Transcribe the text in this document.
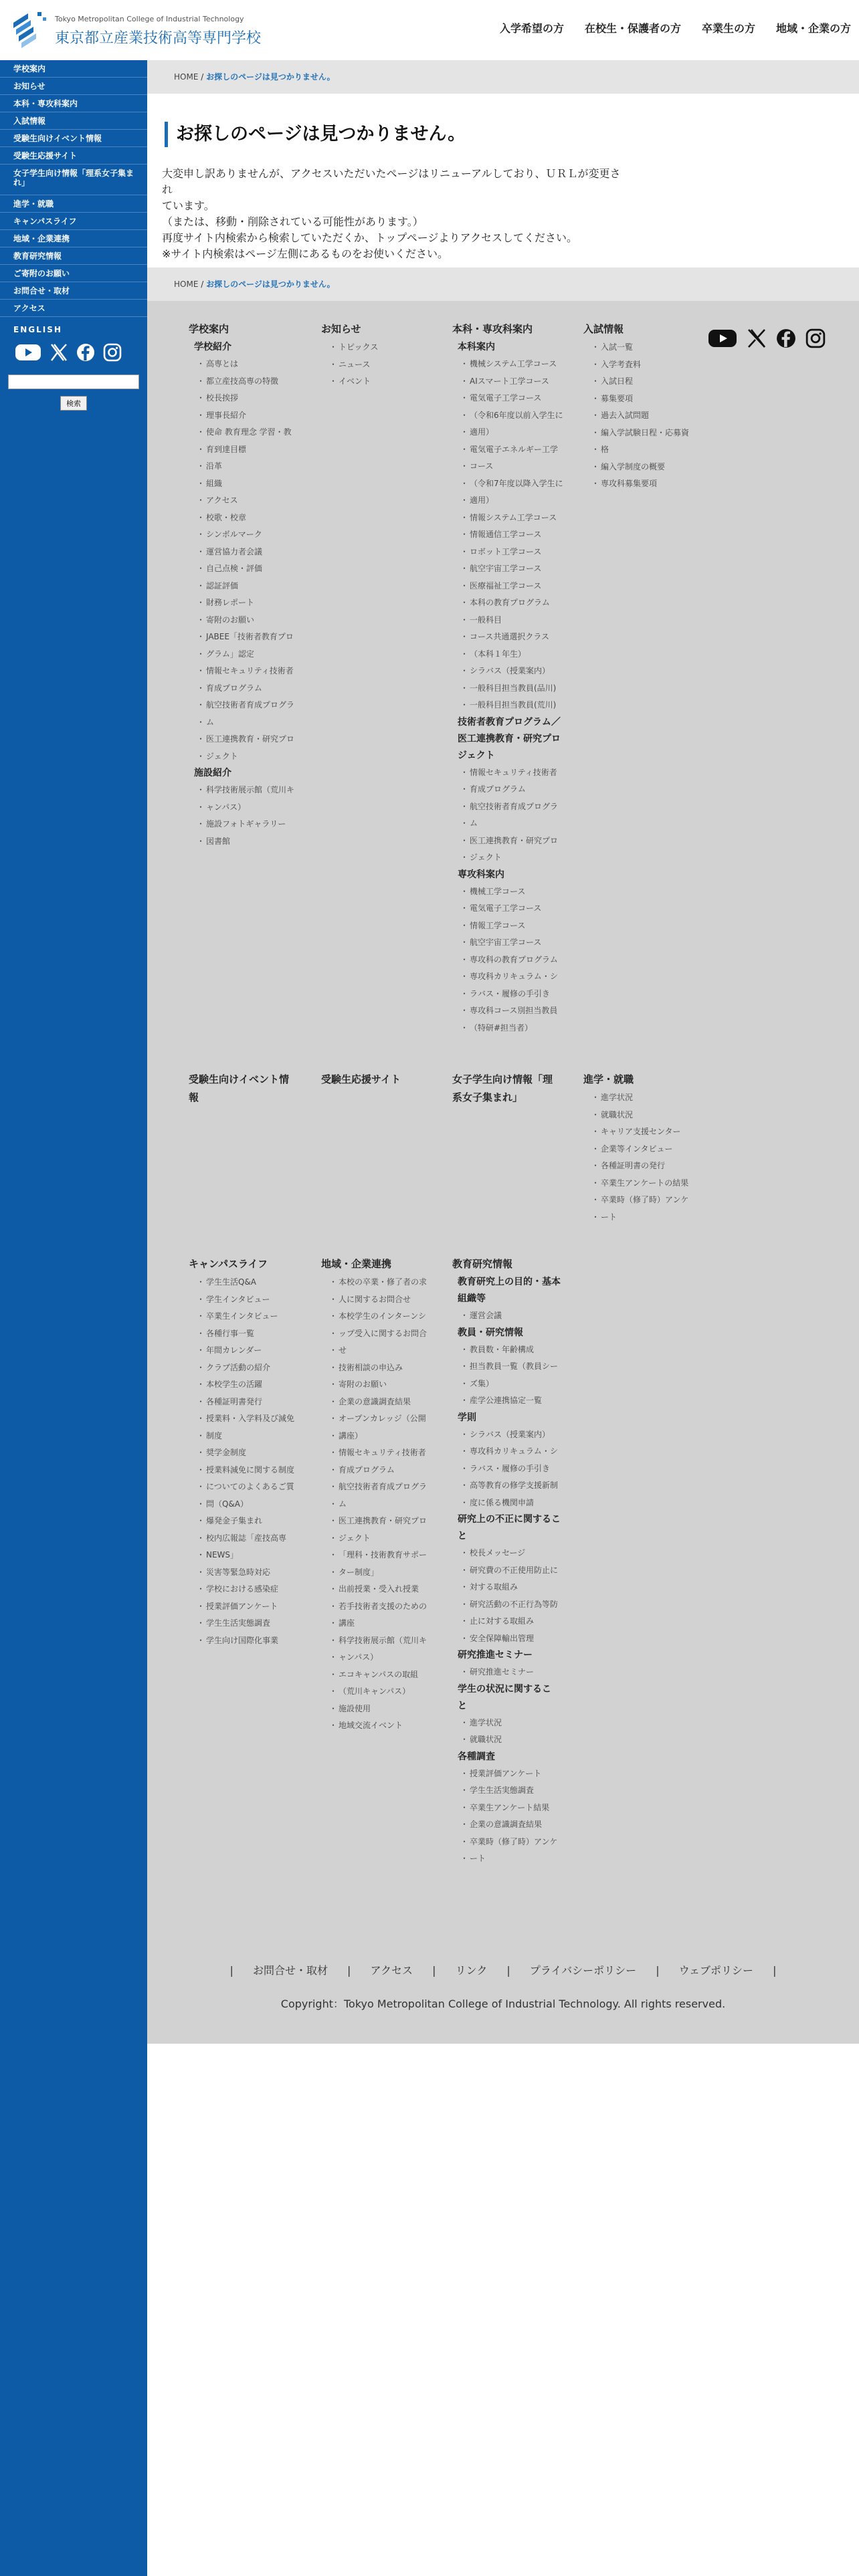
Tokyo Metropolitan College of Industrial Technology
東京都立産業技術高等専門学校
入学希望の方 在校生・保護者の方 卒業生の方 地域・企業の方
学校案内
お知らせ
本科・専攻科案内
入試情報
受験生向けイベント情報
受験生応援サイト
女子学生向け情報「理系女子集まれ」
進学・就職
キャンパスライフ
地域・企業連携
教育研究情報
ご寄附のお願い
お問合せ・取材
アクセス
ENGLISH
検索
HOME / お探しのページは見つかりません。
お探しのページは見つかりません。
大変申し訳ありませんが、アクセスいただいたページはリニューアルしており、ＵＲＬが変更され
ています。
（または、移動・削除されている可能性があります。）
再度サイト内検索から検索していただくか、トップページよりアクセスしてください。
※サイト内検索はページ左側にあるものをお使いください。
HOME / お探しのページは見つかりません。
学校案内
学校紹介
・ 高専とは
・ 都立産技高専の特徴
・ 校長挨拶
・ 理事長紹介
・ 使命 教育理念 学習・教
・ 育到達目標
・ 沿革
・ 組織
・ アクセス
・ 校歌・校章
・ シンボルマーク
・ 運営協力者会議
・ 自己点検・評価
・ 認証評価
・ 財務レポート
・ 寄附のお願い
・ JABEE「技術者教育プロ
・ グラム」認定
・ 情報セキュリティ技術者
・ 育成プログラム
・ 航空技術者育成プログラ
・ ム
・ 医工連携教育・研究プロ
・ ジェクト
施設紹介
・ 科学技術展示館（荒川キ
・ ャンパス）
・ 施設フォトギャラリー
・ 図書館
お知らせ
・ トピックス
・ ニュース
・ イベント
本科・専攻科案内
本科案内
・ 機械システム工学コース
・ AIスマート工学コース
・ 電気電子工学コース
・ （令和6年度以前入学生に
・ 適用）
・ 電気電子エネルギー工学
・ コース
・ （令和7年度以降入学生に
・ 適用）
・ 情報システム工学コース
・ 情報通信工学コース
・ ロボット工学コース
・ 航空宇宙工学コース
・ 医療福祉工学コース
・ 本科の教育プログラム
・ 一般科目
・ コース共通選択クラス
・ （本科１年生）
・ シラバス（授業案内）
・ 一般科目担当教員(品川)
・ 一般科目担当教員(荒川)
技術者教育プログラム／
医工連携教育・研究プロ
ジェクト
・ 情報セキュリティ技術者
・ 育成プログラム
・ 航空技術者育成プログラ
・ ム
・ 医工連携教育・研究プロ
・ ジェクト
専攻科案内
・ 機械工学コース
・ 電気電子工学コース
・ 情報工学コース
・ 航空宇宙工学コース
・ 専攻科の教育プログラム
・ 専攻科カリキュラム・シ
・ ラバス・履修の手引き
・ 専攻科コース別担当教員
・ （特研#担当者）
入試情報
・ 入試一覧
・ 入学考査料
・ 入試日程
・ 募集要項
・ 過去入試問題
・ 編入学試験日程・応募資
・ 格
・ 編入学制度の概要
・ 専攻科募集要項
受験生向けイベント情
報
受験生応援サイト	女子学生向け情報「理
系女子集まれ」
進学・就職
・ 進学状況
・ 就職状況
・ キャリア支援センター
・ 企業等インタビュー
・ 各種証明書の発行
・ 卒業生アンケートの結果
・ 卒業時（修了時）アンケ
・ ート
キャンパスライフ
・ 学生生活Q&A
・ 学生インタビュー
・ 卒業生インタビュー
・ 各種行事一覧
・ 年間カレンダー
・ クラブ活動の紹介
・ 本校学生の活躍
・ 各種証明書発行
・ 授業料・入学料及び減免
・ 制度
・ 奨学金制度
・ 授業料減免に関する制度
・ についてのよくあるご質
・ 問（Q&A）
・ 爆発金子集まれ
・ 校内広報誌「産技高専
・ NEWS」
・ 災害等緊急時対応
・ 学校における感染症
・ 授業評価アンケート
・ 学生生活実態調査
・ 学生向け国際化事業
地域・企業連携
・ 本校の卒業・修了者の求
・ 人に関するお問合せ
・ 本校学生のインターンシ
・ ップ受入に関するお問合
・ せ
・ 技術相談の申込み
・ 寄附のお願い
・ 企業の意識調査結果
・ オープンカレッジ（公開
・ 講座）
・ 情報セキュリティ技術者
・ 育成プログラム
・ 航空技術者育成プログラ
・ ム
・ 医工連携教育・研究プロ
・ ジェクト
・ 「理科・技術教育サポー
・ ター制度」
・ 出前授業・受入れ授業
・ 若手技術者支援のための
・ 講座
・ 科学技術展示館（荒川キ
・ ャンパス）
・ エコキャンパスの取組
・ （荒川キャンパス）
・ 施設使用
・ 地域交流イベント
教育研究情報
教育研究上の目的・基本
組織等
・ 運営会議
教員・研究情報
・ 教員数・年齢構成
・ 担当教員一覧（教員シー
・ ズ集）
・ 産学公連携協定一覧
学則
・ シラバス（授業案内）
・ 専攻科カリキュラム・シ
・ ラバス・履修の手引き
・ 高等教育の修学支援新制
・ 度に係る機関申請
研究上の不正に関するこ
と
・ 校長メッセージ
・ 研究費の不正使用防止に
・ 対する取組み
・ 研究活動の不正行為等防
・ 止に対する取組み
・ 安全保障輸出管理
研究推進セミナー
・ 研究推進セミナー
学生の状況に関するこ
と
・ 進学状況
・ 就職状況
各種調査
・ 授業評価アンケート
・ 学生生活実態調査
・ 卒業生アンケート結果
・ 企業の意識調査結果
・ 卒業時（修了時）アンケ
・ ート
| お問合せ・取材 | アクセス | リンク | プライバシーポリシー | ウェブポリシー |
Copyright：Tokyo Metropolitan College of Industrial Technology. All rights reserved.
